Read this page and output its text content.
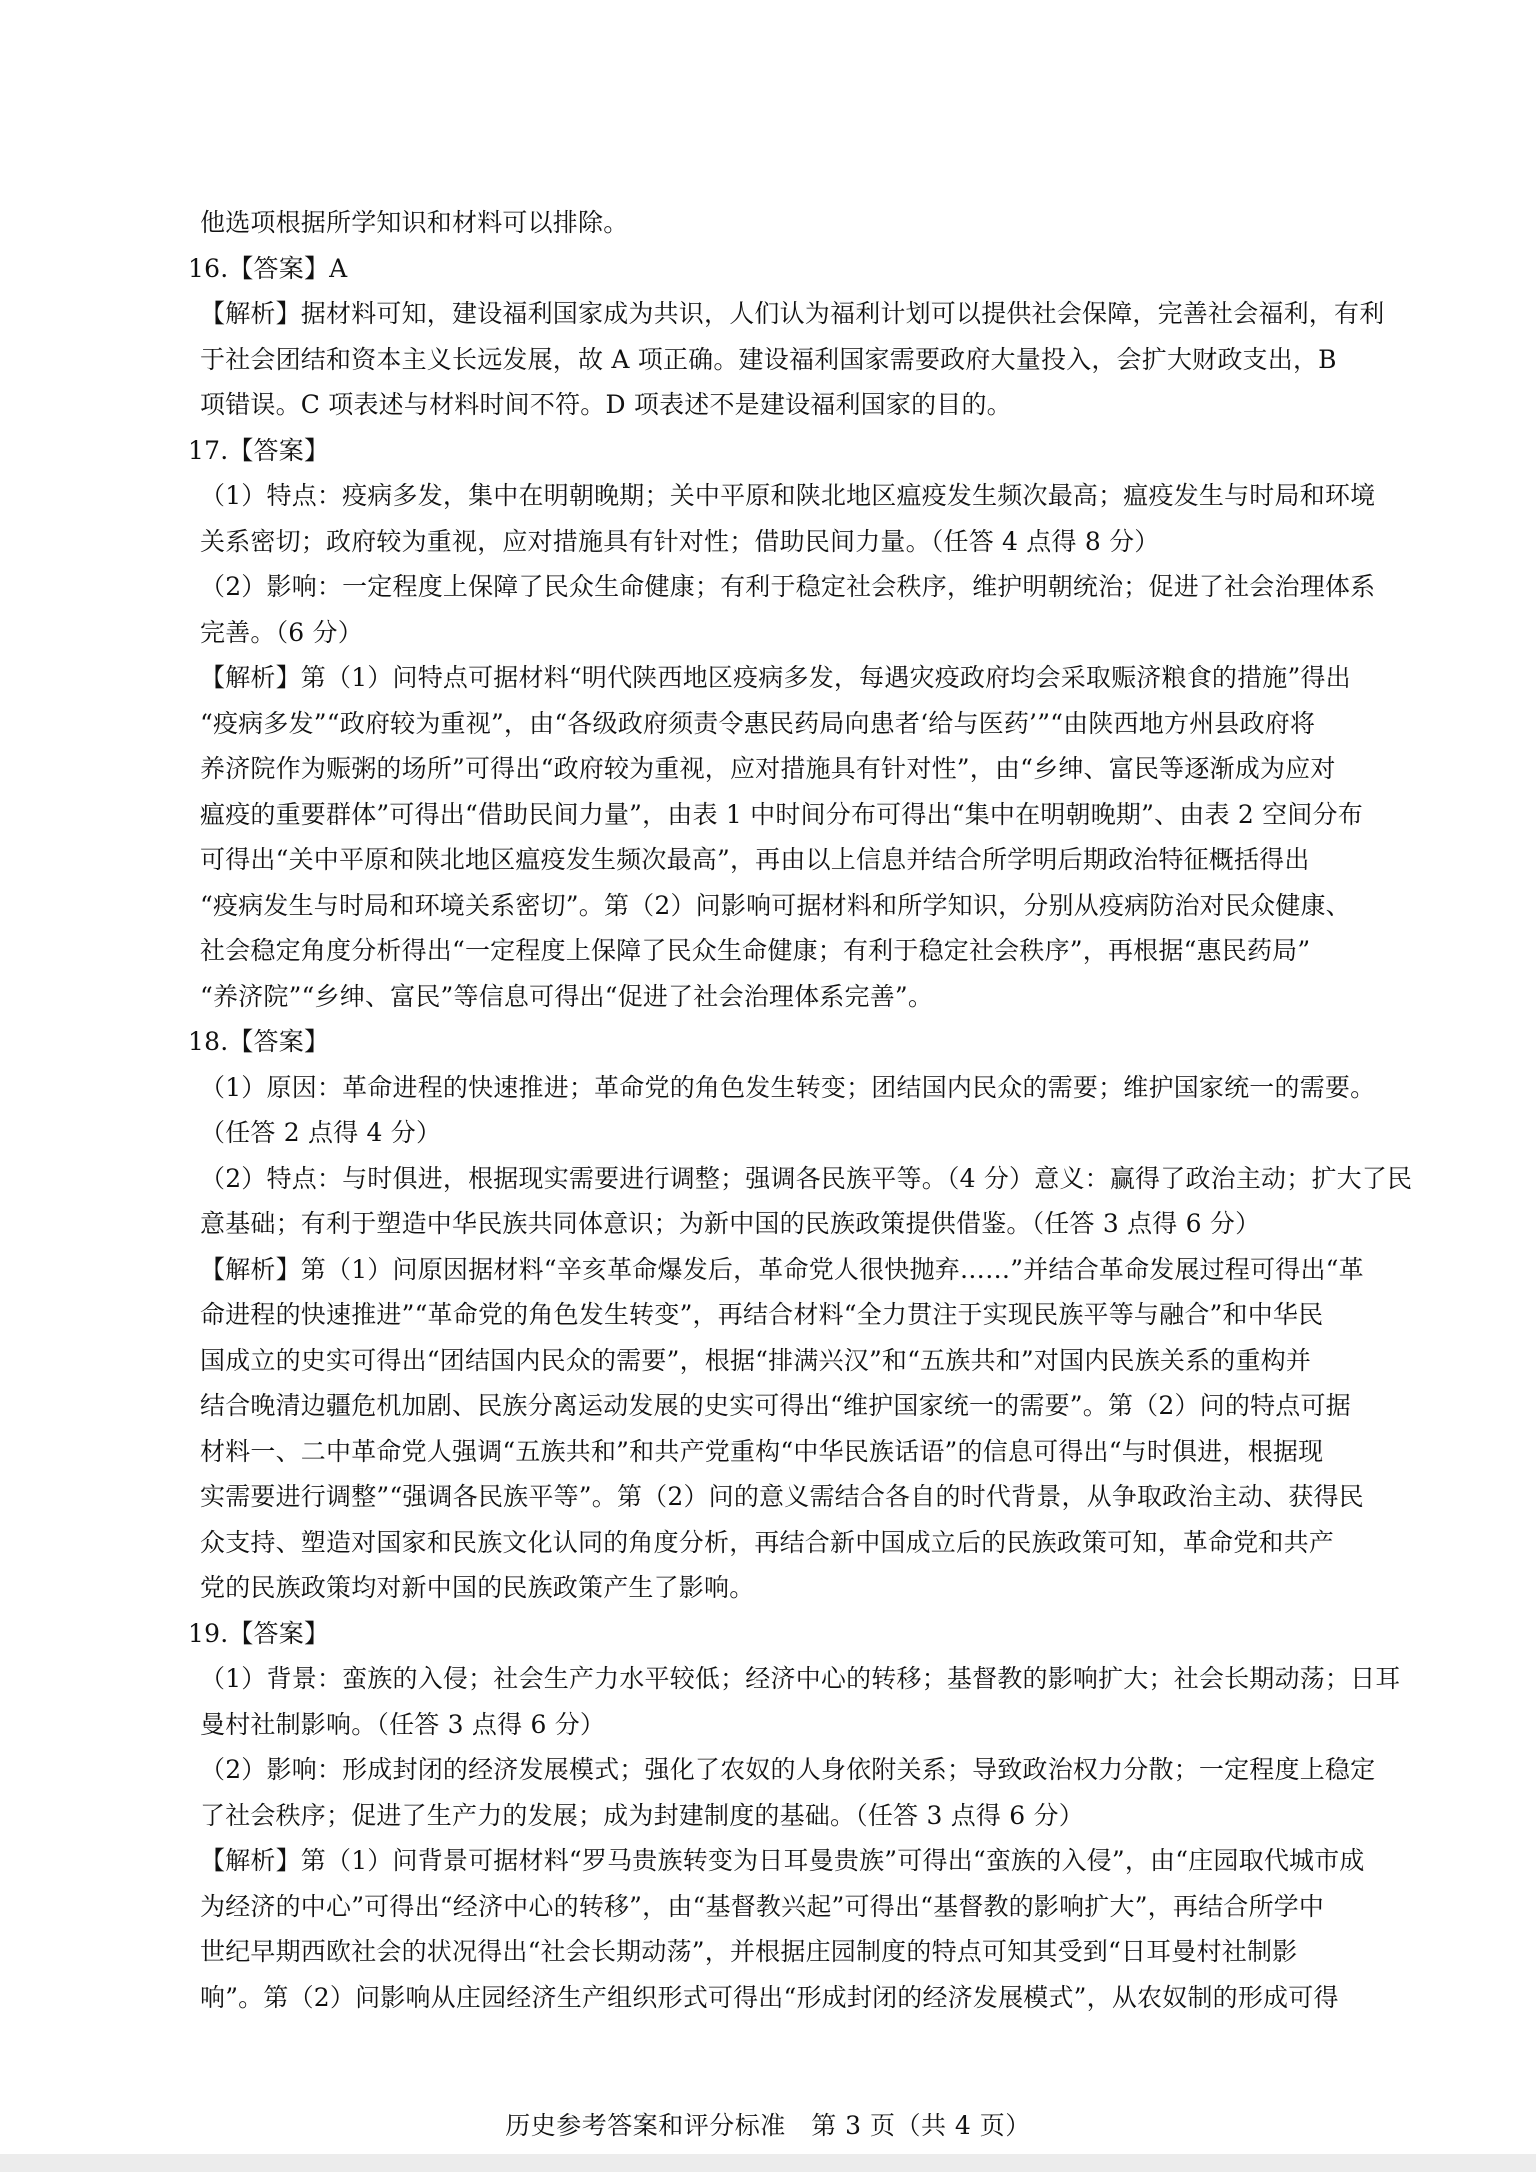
他选项根据所学知识和材料可以排除。
16.【答案】A
【解析】据材料可知，建设福利国家成为共识，人们认为福利计划可以提供社会保障，完善社会福利，有利
于社会团结和资本主义长远发展，故 A 项正确。建设福利国家需要政府大量投入，会扩大财政支出，B
项错误。C 项表述与材料时间不符。D 项表述不是建设福利国家的目的。
17.【答案】
（1）特点：疫病多发，集中在明朝晚期；关中平原和陕北地区瘟疫发生频次最高；瘟疫发生与时局和环境
关系密切；政府较为重视，应对措施具有针对性；借助民间力量。（任答 4 点得 8 分）
（2）影响：一定程度上保障了民众生命健康；有利于稳定社会秩序，维护明朝统治；促进了社会治理体系
完善。（6 分）
【解析】第（1）问特点可据材料“明代陕西地区疫病多发，每遇灾疫政府均会采取赈济粮食的措施”得出
“疫病多发”“政府较为重视”，由“各级政府须责令惠民药局向患者‘给与医药’”“由陕西地方州县政府将
养济院作为赈粥的场所”可得出“政府较为重视，应对措施具有针对性”，由“乡绅、富民等逐渐成为应对
瘟疫的重要群体”可得出“借助民间力量”，由表 1 中时间分布可得出“集中在明朝晚期”、由表 2 空间分布
可得出“关中平原和陕北地区瘟疫发生频次最高”，再由以上信息并结合所学明后期政治特征概括得出
“疫病发生与时局和环境关系密切”。第（2）问影响可据材料和所学知识，分别从疫病防治对民众健康、
社会稳定角度分析得出“一定程度上保障了民众生命健康；有利于稳定社会秩序”，再根据“惠民药局”
“养济院”“乡绅、富民”等信息可得出“促进了社会治理体系完善”。
18.【答案】
（1）原因：革命进程的快速推进；革命党的角色发生转变；团结国内民众的需要；维护国家统一的需要。
（任答 2 点得 4 分）
（2）特点：与时俱进，根据现实需要进行调整；强调各民族平等。（4 分）意义：赢得了政治主动；扩大了民
意基础；有利于塑造中华民族共同体意识；为新中国的民族政策提供借鉴。（任答 3 点得 6 分）
【解析】第（1）问原因据材料“辛亥革命爆发后，革命党人很快抛弃……”并结合革命发展过程可得出“革
命进程的快速推进”“革命党的角色发生转变”，再结合材料“全力贯注于实现民族平等与融合”和中华民
国成立的史实可得出“团结国内民众的需要”，根据“排满兴汉”和“五族共和”对国内民族关系的重构并
结合晚清边疆危机加剧、民族分离运动发展的史实可得出“维护国家统一的需要”。第（2）问的特点可据
材料一、二中革命党人强调“五族共和”和共产党重构“中华民族话语”的信息可得出“与时俱进，根据现
实需要进行调整”“强调各民族平等”。第（2）问的意义需结合各自的时代背景，从争取政治主动、获得民
众支持、塑造对国家和民族文化认同的角度分析，再结合新中国成立后的民族政策可知，革命党和共产
党的民族政策均对新中国的民族政策产生了影响。
19.【答案】
（1）背景：蛮族的入侵；社会生产力水平较低；经济中心的转移；基督教的影响扩大；社会长期动荡；日耳
曼村社制影响。（任答 3 点得 6 分）
（2）影响：形成封闭的经济发展模式；强化了农奴的人身依附关系；导致政治权力分散；一定程度上稳定
了社会秩序；促进了生产力的发展；成为封建制度的基础。（任答 3 点得 6 分）
【解析】第（1）问背景可据材料“罗马贵族转变为日耳曼贵族”可得出“蛮族的入侵”，由“庄园取代城市成
为经济的中心”可得出“经济中心的转移”，由“基督教兴起”可得出“基督教的影响扩大”，再结合所学中
世纪早期西欧社会的状况得出“社会长期动荡”，并根据庄园制度的特点可知其受到“日耳曼村社制影
响”。第（2）问影响从庄园经济生产组织形式可得出“形成封闭的经济发展模式”，从农奴制的形成可得
历史参考答案和评分标准　第 3 页（共 4 页）
